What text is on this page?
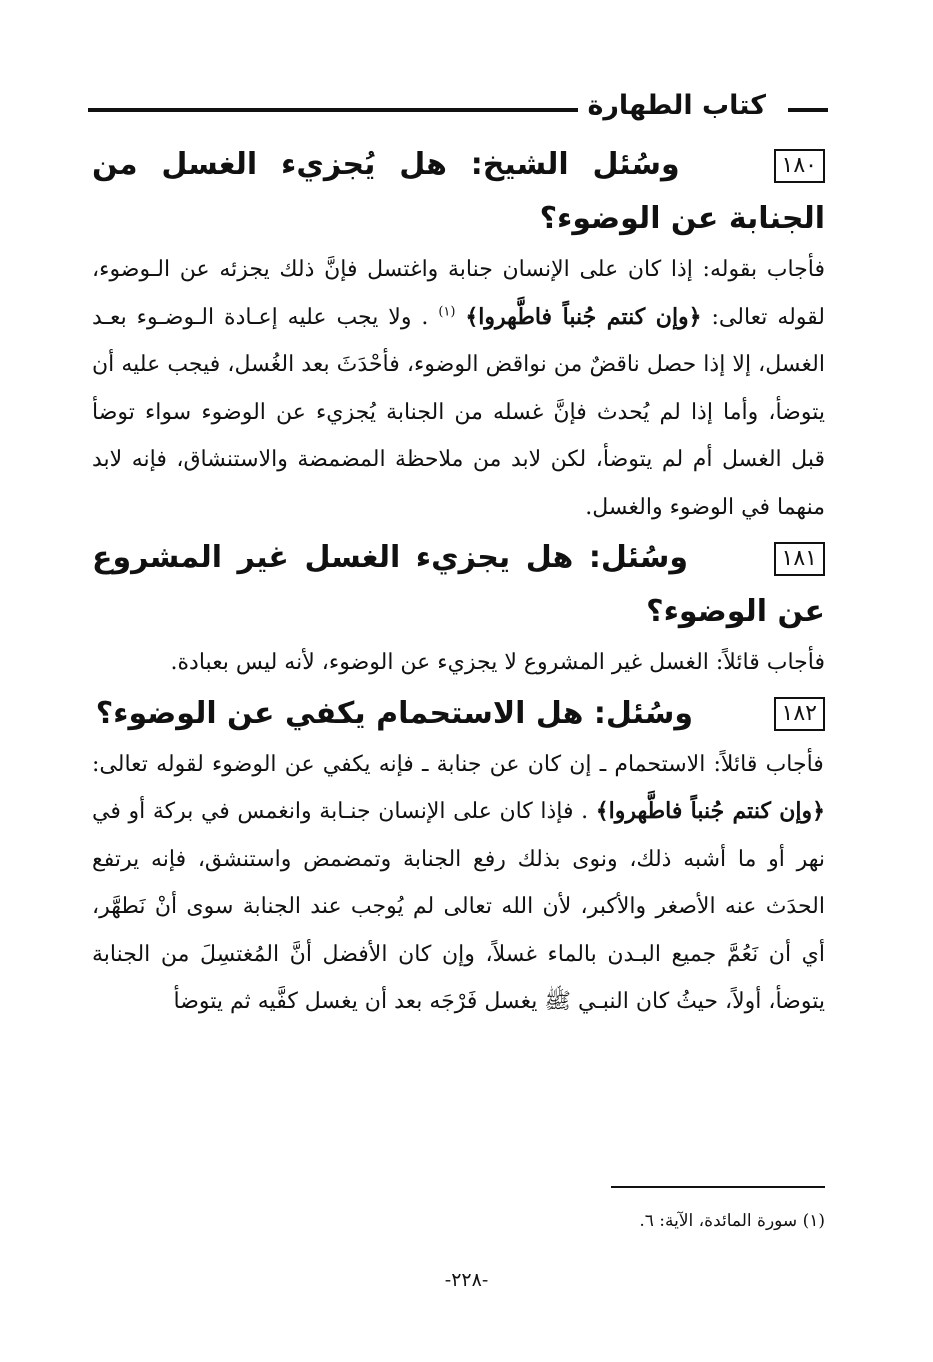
كتاب الطهارة

١٨٠ وسُئل الشيخ: هل يُجزيء الغسل من الجنابة عن الوضوء؟

فأجاب بقوله: إذا كان على الإنسان جنابة واغتسل فإنَّ ذلك يجزئه عن الـوضوء، لقوله تعالى: ﴿وإن كنتم جُنباً فاطَّهروا﴾ $^{(١)}$ . ولا يجب عليه إعـادة الـوضـوء بعـد الغسل، إلا إذا حصل ناقضٌ من نواقض الوضوء، فأحْدَثَ بعد الغُسل، فيجب عليه أن يتوضأ، وأما إذا لم يُحدث فإنَّ غسله من الجنابة يُجزيء عن الوضوء سواء توضأ قبل الغسل أم لم يتوضأ، لكن لابد من ملاحظة المضمضة والاستنشاق، فإنه لابد منهما في الوضوء والغسل.

١٨١ وسُئل: هل يجزيء الغسل غير المشروع عن الوضوء؟

فأجاب قائلاً: الغسل غير المشروع لا يجزيء عن الوضوء، لأنه ليس بعبادة.

١٨٢ وسُئل: هل الاستحمام يكفي عن الوضوء؟

فأجاب قائلاً: الاستحمام ـ إن كان عن جنابة ـ فإنه يكفي عن الوضوء لقوله تعالى: ﴿وإن كنتم جُنباً فاطَّهروا﴾ . فإذا كان على الإنسان جنـابة وانغمس في بركة أو في نهر أو ما أشبه ذلك، ونوى بذلك رفع الجنابة وتمضمض واستنشق، فإنه يرتفع الحدَث عنه الأصغر والأكبر، لأن الله تعالى لم يُوجب عند الجنابة سوى أنْ نَطهَّر، أي أن نَعُمَّ جميع البـدن بالماء غسلاً، وإن كان الأفضل أنَّ المُغتسِلَ من الجنابة يتوضأ، أولاً، حيثُ كان النبـي ﷺ يغسل فَرْجَه بعد أن يغسل كفَّيه ثم يتوضأ

(١) سورة المائدة، الآية: ٦.
-٢٢٨-
